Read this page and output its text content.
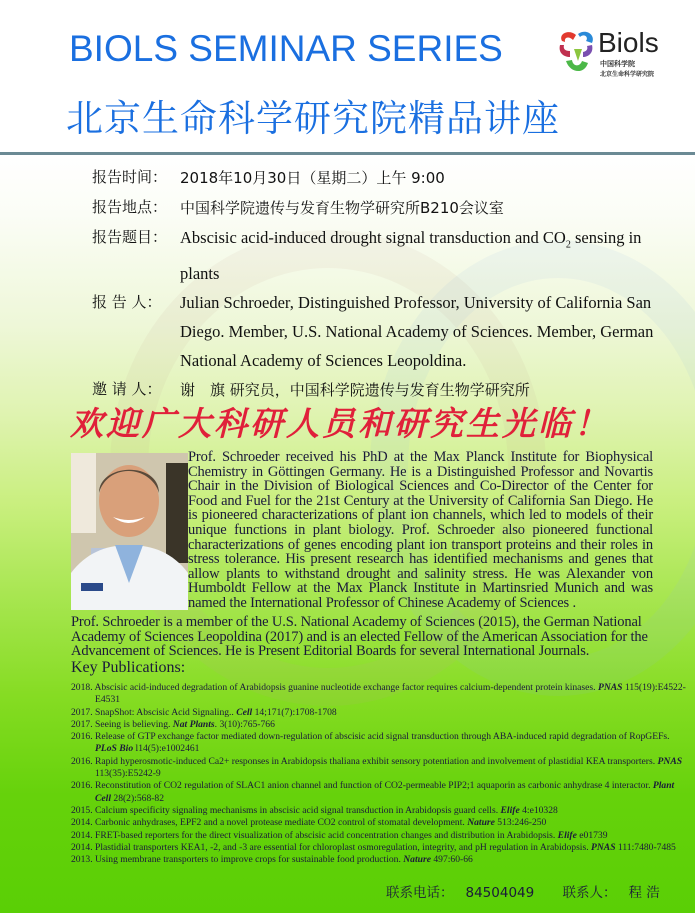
BIOLS SEMINAR SERIES
北京生命科学研究院精品讲座
Biols
中国科学院
北京生命科学研究院
报告时间： 2018年10月30日（星期二）上午 9:00
报告地点： 中国科学院遗传与发育生物学研究所B210会议室
报告题目： Abscisic acid-induced drought signal transduction and $CO_2$ sensing in plants
报 告 人：	Julian Schroeder, Distinguished Professor, University of California San Diego. Member, U.S. National Academy of Sciences. Member, German National Academy of Sciences Leopoldina.
邀 请 人：	谢　旗 研究员，中国科学院遗传与发育生物学研究所
欢迎广大科研人员和研究生光临！
Prof. Schroeder received his PhD at the Max Planck Institute for Biophysical Chemistry in Göttingen Germany. He is a Distinguished Professor and Novartis Chair in the Division of Biological Sciences and Co-Director of the Center for Food and Fuel for the 21st Century at the University of California San Diego. He is pioneered characterizations of plant ion channels, which led to models of their unique functions in plant biology. Prof. Schroeder also pioneered functional characterizations of genes encoding plant ion transport proteins and their roles in stress tolerance. His present research has identified mechanisms and genes that allow plants to withstand drought and salinity stress. He was Alexander von Humboldt Fellow at the Max Planck Institute in Martinsried Munich and was named the International Professor of Chinese Academy of Sciences .
Prof. Schroeder is a member of the U.S. National Academy of Sciences (2015), the German National Academy of Sciences Leopoldina (2017) and is an elected Fellow of the American Association for the Advancement of Sciences. He is Present Editorial Boards for several International Journals.
Key Publications:
2018. Abscisic acid-induced degradation of Arabidopsis guanine nucleotide exchange factor requires calcium-dependent protein kinases. PNAS 115(19):E4522-E4531
2017. SnapShot: Abscisic Acid Signaling.. Cell 14;171(7):1708-1708
2017. Seeing is believing. Nat Plants. 3(10):765-766
2016. Release of GTP exchange factor mediated down-regulation of abscisic acid signal transduction through ABA-induced rapid degradation of RopGEFs. PLoS Bio l14(5):e1002461
2016. Rapid hyperosmotic-induced Ca2+ responses in Arabidopsis thaliana exhibit sensory potentiation and involvement of plastidial KEA transporters. PNAS 113(35):E5242-9
2016. Reconstitution of CO2 regulation of SLAC1 anion channel and function of CO2-permeable PIP2;1 aquaporin as carbonic anhydrase 4 interactor. Plant Cell 28(2):568-82
2015. Calcium specificity signaling mechanisms in abscisic acid signal transduction in Arabidopsis guard cells. Elife 4:e10328
2014. Carbonic anhydrases, EPF2 and a novel protease mediate CO2 control of stomatal development. Nature 513:246-250
2014. FRET-based reporters for the direct visualization of abscisic acid concentration changes and distribution in Arabidopsis. Elife e01739
2014. Plastidial transporters KEA1, -2, and -3 are essential for chloroplast osmoregulation, integrity, and pH regulation in Arabidopsis. PNAS 111:7480-7485
2013. Using membrane transporters to improve crops for sustainable food production. Nature 497:60-66
联系电话： 84504049 联系人： 程 浩
